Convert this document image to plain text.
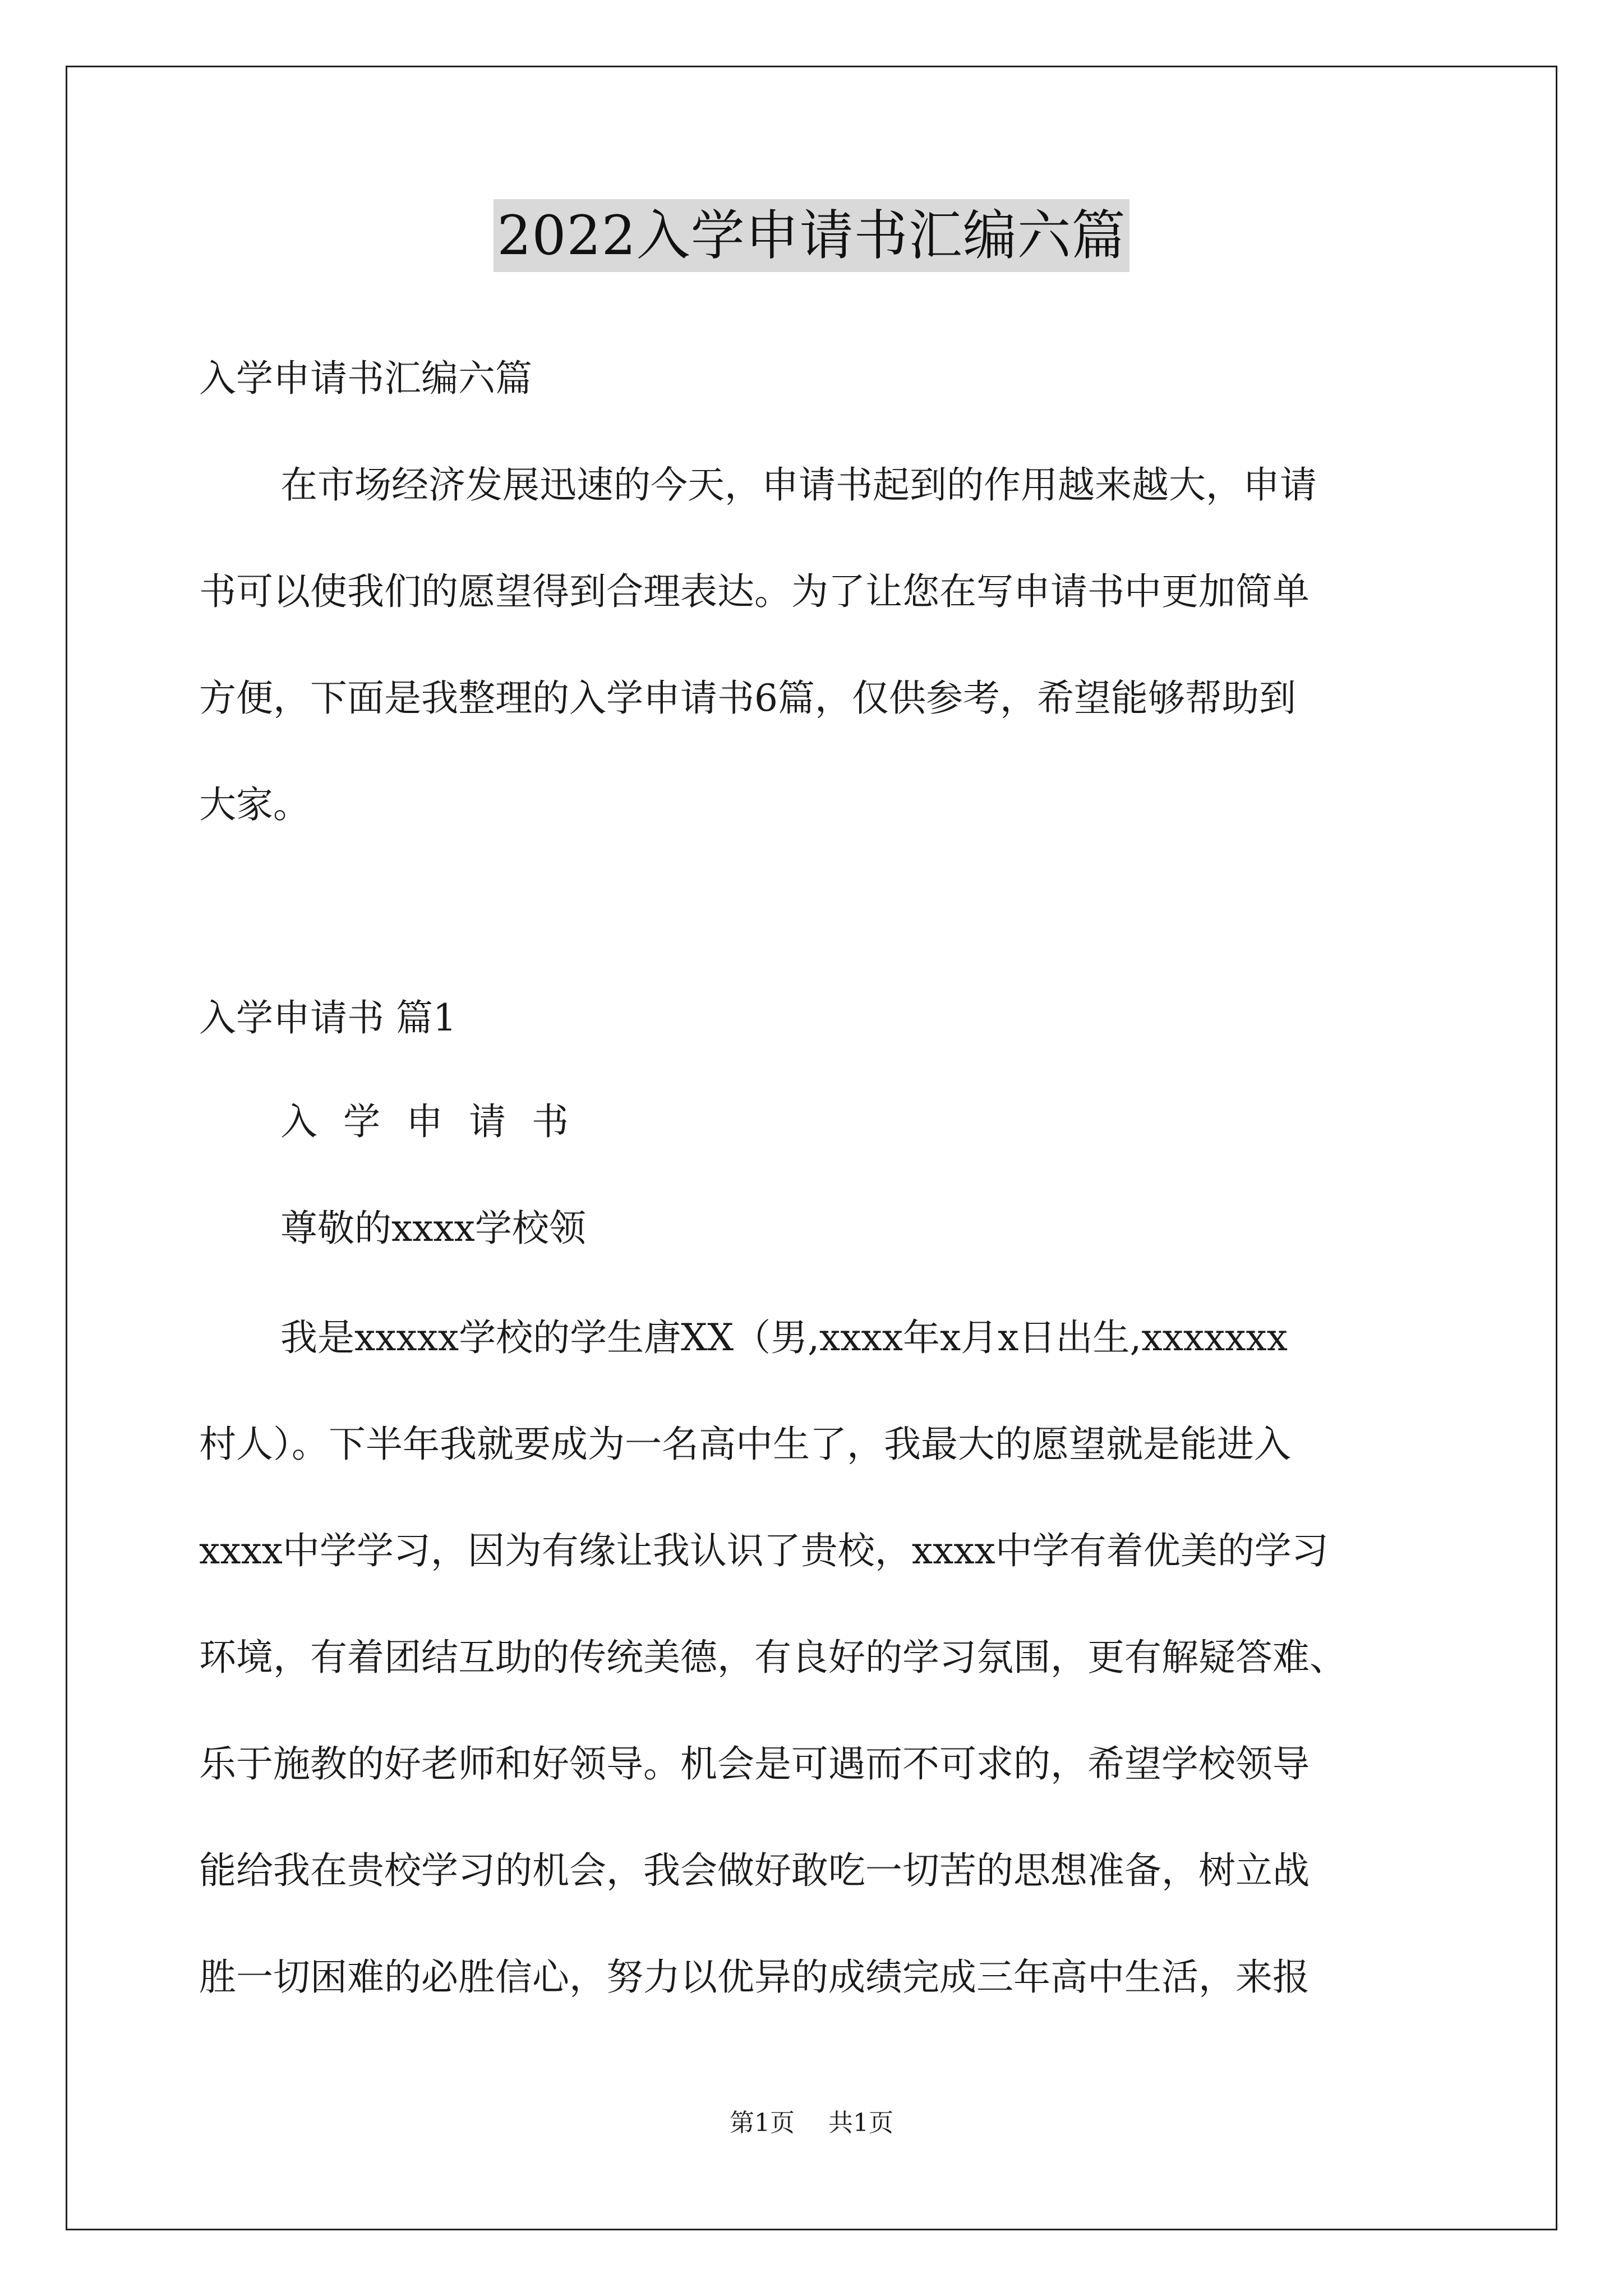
2022入学申请书汇编六篇
入学申请书汇编六篇
在市场经济发展迅速的今天，申请书起到的作用越来越大，申请
书可以使我们的愿望得到合理表达。为了让您在写申请书中更加简单
方便，下面是我整理的入学申请书6篇，仅供参考，希望能够帮助到
大家。
入学申请书 篇1
入学申请书
尊敬的xxxx学校领
我是xxxxx学校的学生唐XX（男,xxxx年x月x日出生,xxxxxxx
村人）。下半年我就要成为一名高中生了，我最大的愿望就是能进入
xxxx中学学习，因为有缘让我认识了贵校，xxxx中学有着优美的学习
环境，有着团结互助的传统美德，有良好的学习氛围，更有解疑答难、
乐于施教的好老师和好领导。机会是可遇而不可求的，希望学校领导
能给我在贵校学习的机会，我会做好敢吃一切苦的思想准备，树立战
胜一切困难的必胜信心，努力以优异的成绩完成三年高中生活，来报
第1页 共1页
